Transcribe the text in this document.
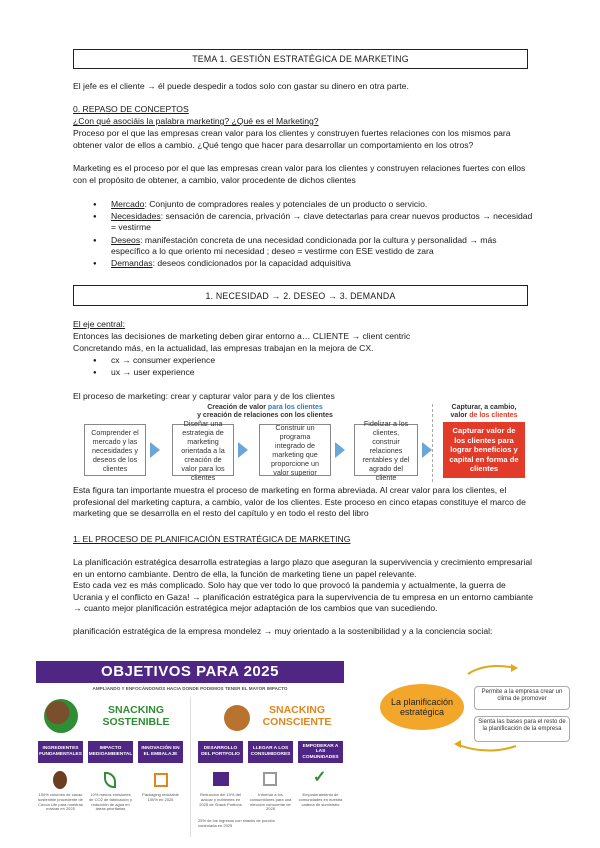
TEMA 1. GESTIÓN ESTRATÉGICA DE MARKETING

El jefe es el cliente → él puede despedir a todos solo con gastar su dinero en otra parte.

0. REPASO DE CONCEPTOS

¿Con qué asociáis la palabra marketing? ¿Qué es el Marketing?

Proceso por el que las empresas crean valor para los clientes y construyen fuertes relaciones con los mismos para obtener valor de ellos a cambio. ¿Qué tengo que hacer para desarrollar un comportamiento en los otros?

Marketing es el proceso por el que las empresas crean valor para los clientes y construyen relaciones fuertes con ellos con el propósito de obtener, a cambio, valor procedente de dichos clientes

● Mercado: Conjunto de compradores reales y potenciales de un producto o servicio.
● Necesidades: sensación de carencia, privación → clave detectarlas para crear nuevos productos → necesidad = vestirme
● Deseos: manifestación concreta de una necesidad condicionada por la cultura y personalidad → más específico a lo que oriento mi necesidad ; deseo = vestirme con ESE vestido de zara
● Demandas: deseos condicionados por la capacidad adquisitiva
1. NECESIDAD → 2. DESEO → 3. DEMANDA

El eje central:

Entonces las decisiones de marketing deben girar entorno a… CLIENTE → client centric

Concretando más, en la actualidad, las empresas trabajan en la mejora de CX.

● cx → consumer experience
● ux → user experience

El proceso de marketing: crear y capturar valor para y de los clientes

Creación de valor para los clientes
y creación de relaciones con los clientes
Capturar, a cambio,
valor de los clientes
Comprender el mercado y las necesidades y deseos de los clientes
Diseñar una estrategia de marketing orientada a la creación de valor para los clientes
Construir un programa integrado de marketing que proporcione un valor superior
Fidelizar a los clientes, construir relaciones rentables y del agrado del cliente
Capturar valor de los clientes para lograr beneficios y capital en forma de clientes

Esta figura tan importante muestra el proceso de marketing en forma abreviada. Al crear valor para los clientes, el profesional del marketing captura, a cambio, valor de los clientes. Este proceso en cinco etapas constituye el marco de marketing que se desarrolla en el resto del capítulo y en todo el resto del libro

1. EL PROCESO DE PLANIFICACIÓN ESTRATÉGICA DE MARKETING

La planificación estratégica desarrolla estrategias a largo plazo que aseguran la supervivencia y crecimiento empresarial en un entorno cambiante. Dentro de ella, la función de marketing tiene un papel relevante.

Esto cada vez es más complicado. Solo hay que ver todo lo que provocó la pandemia y actualmente, la guerra de Ucrania y el conflicto en Gaza! → planificación estratégica para la supervivencia de tu empresa en un entorno cambiante → cuanto mejor planificación estratégica mejor adaptación de los cambios que van sucediendo.

planificación estratégica de la empresa mondelez → muy orientado a la sostenibilidad y a la conciencia social:

OBJETIVOS PARA 2025
AMPLIANDO Y ENFOCÁNDONOS HACIA DONDE PODEMOS TENER EL MAYOR IMPACTO
SNACKING SOSTENIBLE
SNACKING CONSCIENTE
INGREDIENTES FUNDAMENTALES
IMPACTO MEDIOAMBIENTAL
INNOVACIÓN EN EL EMBALAJE
DESARROLLO DEL PORTFOLIO
LLEGAR A LOS CONSUMIDORES
EMPODERAR A LAS COMUNIDADES
✓
100% volumen de cacao sostenible procedente de Cocoa Life para nuestras marcas en 2025
10% menos emisiones de CO2 de fabricación y reducción de agua en áreas prioritarias
Packaging reciclable 100% en 2025
Reducción del 10% del azúcar y nutrientes en 2025 de Snack Portions
Informar a los consumidores para una elección consciente de 2025
Empoderamiento de comunidades en nuestra cadena de suministro
25% de los ingresos con snacks de porción controlada en 2025
La planificación estratégica
Permite a la empresa crear un clima de promover
Sienta las bases para el resto de la planificación de la empresa
